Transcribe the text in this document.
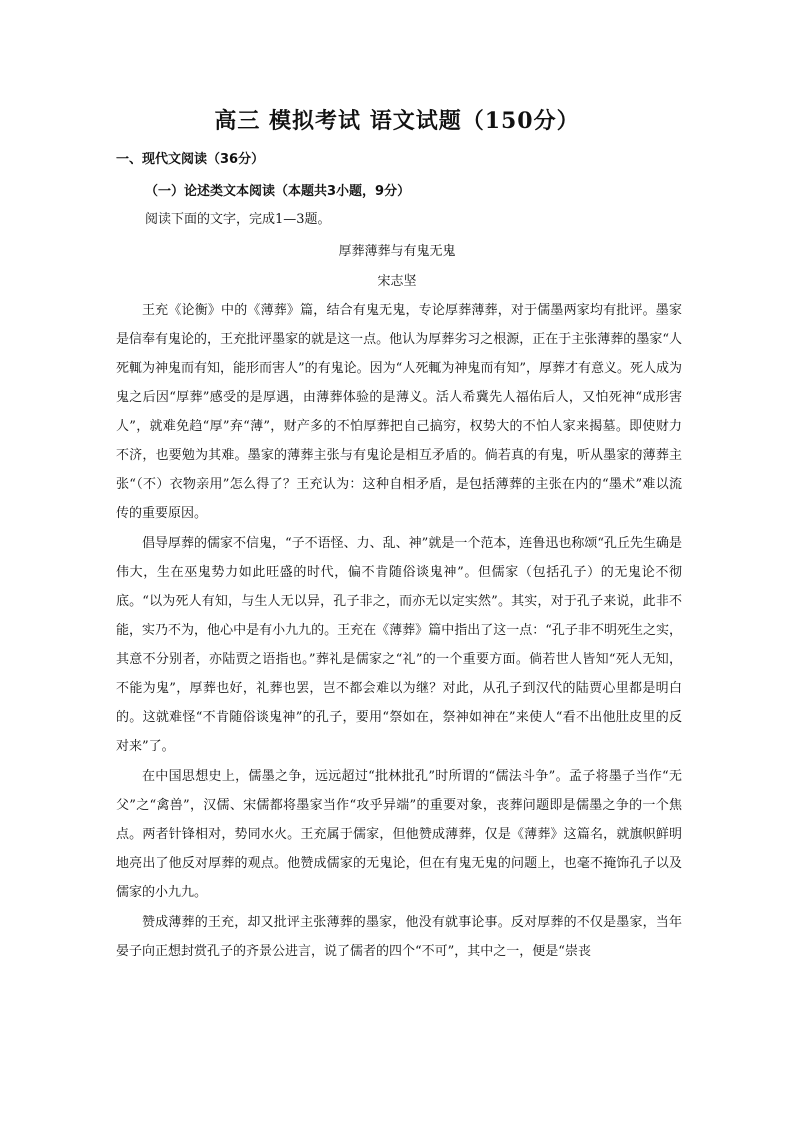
高三 模拟考试 语文试题（150分）
一、现代文阅读（36分）
（一）论述类文本阅读（本题共3小题，9分）
阅读下面的文字，完成1—3题。
厚葬薄葬与有鬼无鬼
宋志坚

王充《论衡》中的《薄葬》篇，结合有鬼无鬼，专论厚葬薄葬，对于儒墨两家均有批评。墨家是信奉有鬼论的，王充批评墨家的就是这一点。他认为厚葬劣习之根源，正在于主张薄葬的墨家“人死輒为神鬼而有知，能形而害人”的有鬼论。因为“人死輒为神鬼而有知”，厚葬才有意义。死人成为鬼之后因“厚葬”感受的是厚遇，由薄葬体验的是薄义。活人希冀先人福佑后人，又怕死神“成形害人”，就难免趋“厚”弃“薄”，财产多的不怕厚葬把自己搞穷，权势大的不怕人家来揭墓。即使财力不济，也要勉为其难。墨家的薄葬主张与有鬼论是相互矛盾的。倘若真的有鬼，听从墨家的薄葬主张“（不）衣物亲用”怎么得了？王充认为：这种自相矛盾，是包括薄葬的主张在内的“墨术”难以流传的重要原因。

倡导厚葬的儒家不信鬼，“子不语怪、力、乱、神”就是一个范本，连鲁迅也称颂“孔丘先生确是伟大，生在巫鬼势力如此旺盛的时代，偏不肯随俗谈鬼神”。但儒家（包括孔子）的无鬼论不彻底。“以为死人有知，与生人无以异，孔子非之，而亦无以定实然”。其实，对于孔子来说，此非不能，实乃不为，他心中是有小九九的。王充在《薄葬》篇中指出了这一点：“孔子非不明死生之实，其意不分别者，亦陆贾之语指也。”葬礼是儒家之“礼”的一个重要方面。倘若世人皆知“死人无知，不能为鬼”，厚葬也好，礼葬也罢，岂不都会难以为继？对此，从孔子到汉代的陆贾心里都是明白的。这就难怪“不肯随俗谈鬼神”的孔子，要用“祭如在，祭神如神在”来使人“看不出他肚皮里的反对来”了。

在中国思想史上，儒墨之争，远远超过“批林批孔”时所谓的“儒法斗争”。孟子将墨子当作“无父”之“禽兽”，汉儒、宋儒都将墨家当作“攻乎异端”的重要对象，丧葬问题即是儒墨之争的一个焦点。两者针锋相对，势同水火。王充属于儒家，但他赞成薄葬，仅是《薄葬》这篇名，就旗帜鲜明地亮出了他反对厚葬的观点。他赞成儒家的无鬼论，但在有鬼无鬼的问题上，也毫不掩饰孔子以及儒家的小九九。

赞成薄葬的王充，却又批评主张薄葬的墨家，他没有就事论事。反对厚葬的不仅是墨家，当年晏子向正想封赏孔子的齐景公进言，说了儒者的四个“不可”，其中之一，便是“崇丧
